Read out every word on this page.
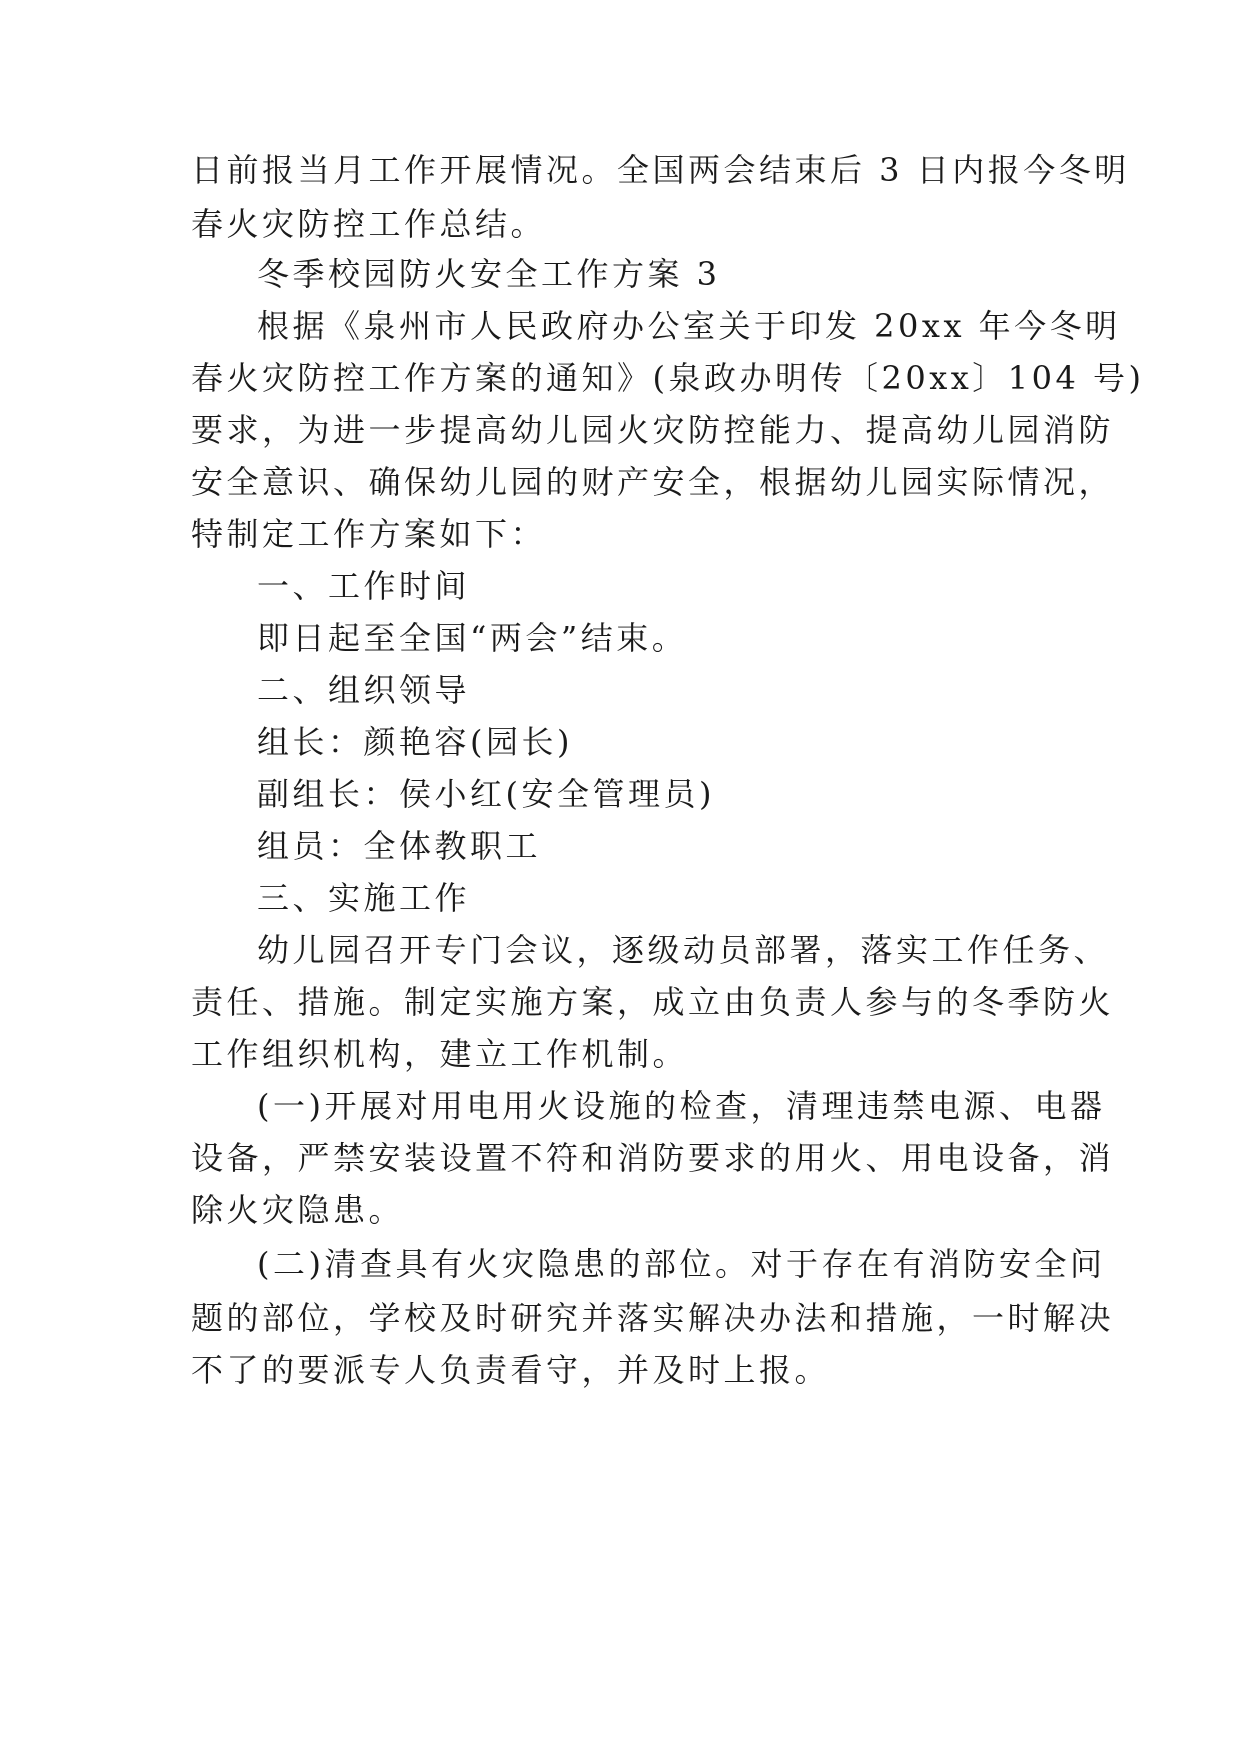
日前报当月工作开展情况。全国两会结束后 3 日内报今冬明
春火灾防控工作总结。
冬季校园防火安全工作方案 3
根据《泉州市人民政府办公室关于印发 20xx 年今冬明
春火灾防控工作方案的通知》(泉政办明传〔20xx〕104 号)
要求，为进一步提高幼儿园火灾防控能力、提高幼儿园消防
安全意识、确保幼儿园的财产安全，根据幼儿园实际情况，
特制定工作方案如下：
一、工作时间
即日起至全国“两会”结束。
二、组织领导
组长：颜艳容(园长)
副组长：侯小红(安全管理员)
组员：全体教职工
三、实施工作
幼儿园召开专门会议，逐级动员部署，落实工作任务、
责任、措施。制定实施方案，成立由负责人参与的冬季防火
工作组织机构，建立工作机制。
(一)开展对用电用火设施的检查，清理违禁电源、电器
设备，严禁安装设置不符和消防要求的用火、用电设备，消
除火灾隐患。
(二)清查具有火灾隐患的部位。对于存在有消防安全问
题的部位，学校及时研究并落实解决办法和措施，一时解决
不了的要派专人负责看守，并及时上报。
